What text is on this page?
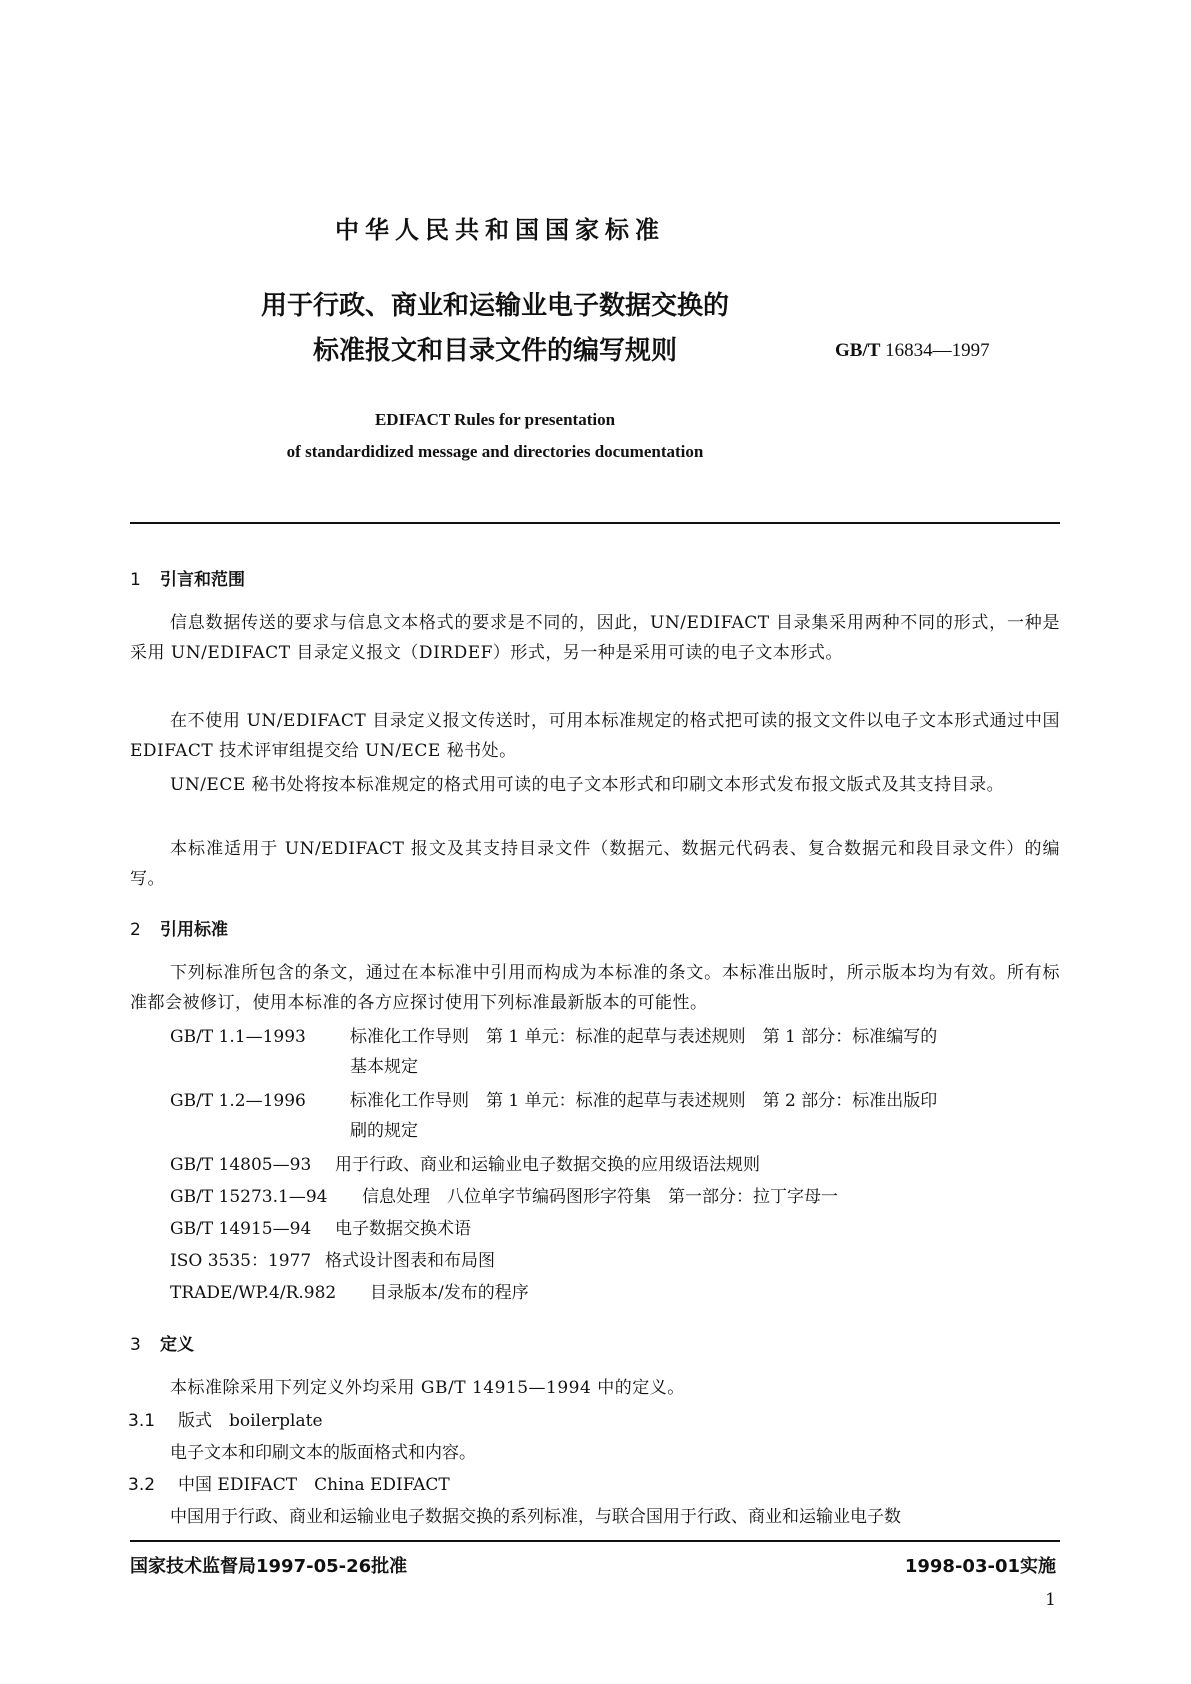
中华人民共和国国家标准
用于行政、商业和运输业电子数据交换的
标准报文和目录文件的编写规则	GB/T 16834—1997
EDIFACT Rules for presentation
of standardidized message and directories documentation
1 引言和范围
信息数据传送的要求与信息文本格式的要求是不同的，因此，UN/EDIFACT 目录集采用两种不同的形式，一种是采用 UN/EDIFACT 目录定义报文（DIRDEF）形式，另一种是采用可读的电子文本形式。
在不使用 UN/EDIFACT 目录定义报文传送时，可用本标准规定的格式把可读的报文文件以电子文本形式通过中国 EDIFACT 技术评审组提交给 UN/ECE 秘书处。
UN/ECE 秘书处将按本标准规定的格式用可读的电子文本形式和印刷文本形式发布报文版式及其支持目录。
本标准适用于 UN/EDIFACT 报文及其支持目录文件（数据元、数据元代码表、复合数据元和段目录文件）的编写。
2 引用标准
下列标准所包含的条文，通过在本标准中引用而构成为本标准的条文。本标准出版时，所示版本均为有效。所有标准都会被修订，使用本标准的各方应探讨使用下列标准最新版本的可能性。
GB/T 1.1—1993	标准化工作导则　第 1 单元：标准的起草与表述规则　第 1 部分：标准编写的
基本规定
GB/T 1.2—1996	标准化工作导则　第 1 单元：标准的起草与表述规则　第 2 部分：标准出版印
刷的规定
GB/T 14805—93 用于行政、商业和运输业电子数据交换的应用级语法规则
GB/T 15273.1—94 信息处理　八位单字节编码图形字符集　第一部分：拉丁字母一
GB/T 14915—94 电子数据交换术语
ISO 3535：1977 格式设计图表和布局图
TRADE/WP.4/R.982 目录版本/发布的程序
3 定义
本标准除采用下列定义外均采用 GB/T 14915—1994 中的定义。
3.1 版式　 boilerplate
电子文本和印刷文本的版面格式和内容。
3.2 中国 EDIFACT　 China EDIFACT
中国用于行政、商业和运输业电子数据交换的系列标准，与联合国用于行政、商业和运输业电子数
国家技术监督局1997-05-26批准	1998-03-01实施
1
